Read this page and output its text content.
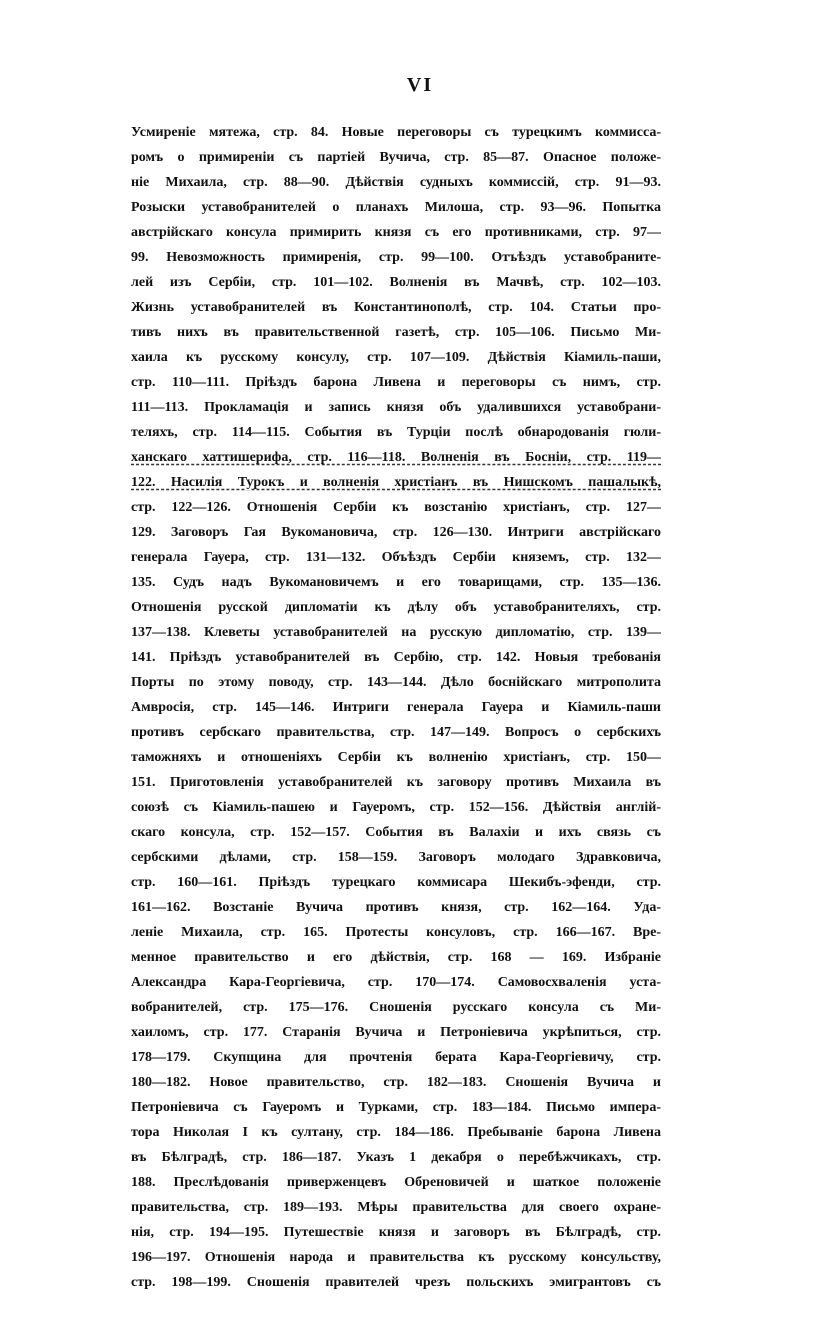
VI
Усмиреніе мятежа, стр. 84. Новые переговоры съ турецкимъ коммисса-
ромъ о примиреніи съ партіей Вучича, стр. 85—87. Опасное положе-
ніе Михаила, стр. 88—90. Дѣйствія судныхъ коммиссій, стр. 91—93.
Розыски уставобранителей о планахъ Милоша, стр. 93—96. Попытка
австрійскаго консула примирить князя съ его противниками, стр. 97—
99. Невозможность примиренія, стр. 99—100. Отъѣздъ уставобраните-
лей изъ Сербіи, стр. 101—102. Волненія въ Мачвѣ, стр. 102—103.
Жизнь уставобранителей въ Константинополѣ, стр. 104. Статьи про-
тивъ нихъ въ правительственной газетѣ, стр. 105—106. Письмо Ми-
хаила къ русскому консулу, стр. 107—109. Дѣйствія Кіамиль-паши,
стр. 110—111. Пріѣздъ барона Ливена и переговоры съ нимъ, стр.
111—113. Прокламація и запись князя объ удалившихся уставобрани-
теляхъ, стр. 114—115. События въ Турціи послѣ обнародованія гюли-
ханскаго хаттишерифа, стр. 116—118. Волненія въ Босніи, стр. 119—
122. Насилія Турокъ и волненія христіанъ въ Нишскомъ пашалыкѣ,
стр. 122—126. Отношенія Сербіи къ возстанію христіанъ, стр. 127—
129. Заговоръ Гая Вукомановича, стр. 126—130. Интриги австрійскаго
генерала Гауера, стр. 131—132. Объѣздъ Сербіи княземъ, стр. 132—
135. Судъ надъ Вукомановичемъ и его товарищами, стр. 135—136.
Отношенія русской дипломатіи къ дѣлу объ уставобранителяхъ, стр.
137—138. Клеветы уставобранителей на русскую дипломатію, стр. 139—
141. Пріѣздъ уставобранителей въ Сербію, стр. 142. Новыя требованія
Порты по этому поводу, стр. 143—144. Дѣло боснійскаго митрополита
Амвросія, стр. 145—146. Интриги генерала Гауера и Кіамиль-паши
противъ сербскаго правительства, стр. 147—149. Вопросъ о сербскихъ
таможняхъ и отношеніяхъ Сербіи къ волненію христіанъ, стр. 150—
151. Приготовленія уставобранителей къ заговору противъ Михаила въ
союзѣ съ Кіамиль-пашею и Гауеромъ, стр. 152—156. Дѣйствія англій-
скаго консула, стр. 152—157. События въ Валахіи и ихъ связь съ
сербскими дѣлами, стр. 158—159. Заговоръ молодаго Здравковича,
стр. 160—161. Пріѣздъ турецкаго коммисара Шекибъ-эфенди, стр.
161—162. Возстаніе Вучича противъ князя, стр. 162—164. Уда-
леніе Михаила, стр. 165. Протесты консуловъ, стр. 166—167. Вре-
менное правительство и его дѣйствія, стр. 168 — 169. Избраніе
Александра Кара-Георгіевича, стр. 170—174. Самовосхваленія уста-
вобранителей, стр. 175—176. Сношенія русскаго консула съ Ми-
хаиломъ, стр. 177. Старанія Вучича и Петроніевича укрѣпиться, стр.
178—179. Скупщина для прочтенія берата Кара-Георгіевичу, стр.
180—182. Новое правительство, стр. 182—183. Сношенія Вучича и
Петроніевича съ Гауеромъ и Турками, стр. 183—184. Письмо импера-
тора Николая I къ султану, стр. 184—186. Пребываніе барона Ливена
въ Бѣлградѣ, стр. 186—187. Указъ 1 декабря о перебѣжчикахъ, стр.
188. Преслѣдованія приверженцевъ Обреновичей и шаткое положеніе
правительства, стр. 189—193. Мѣры правительства для своего охране-
нія, стр. 194—195. Путешествіе князя и заговоръ въ Бѣлградѣ, стр.
196—197. Отношенія народа и правительства къ русскому консульству,
стр. 198—199. Сношенія правителей чрезъ польскихъ эмигрантовъ съ
